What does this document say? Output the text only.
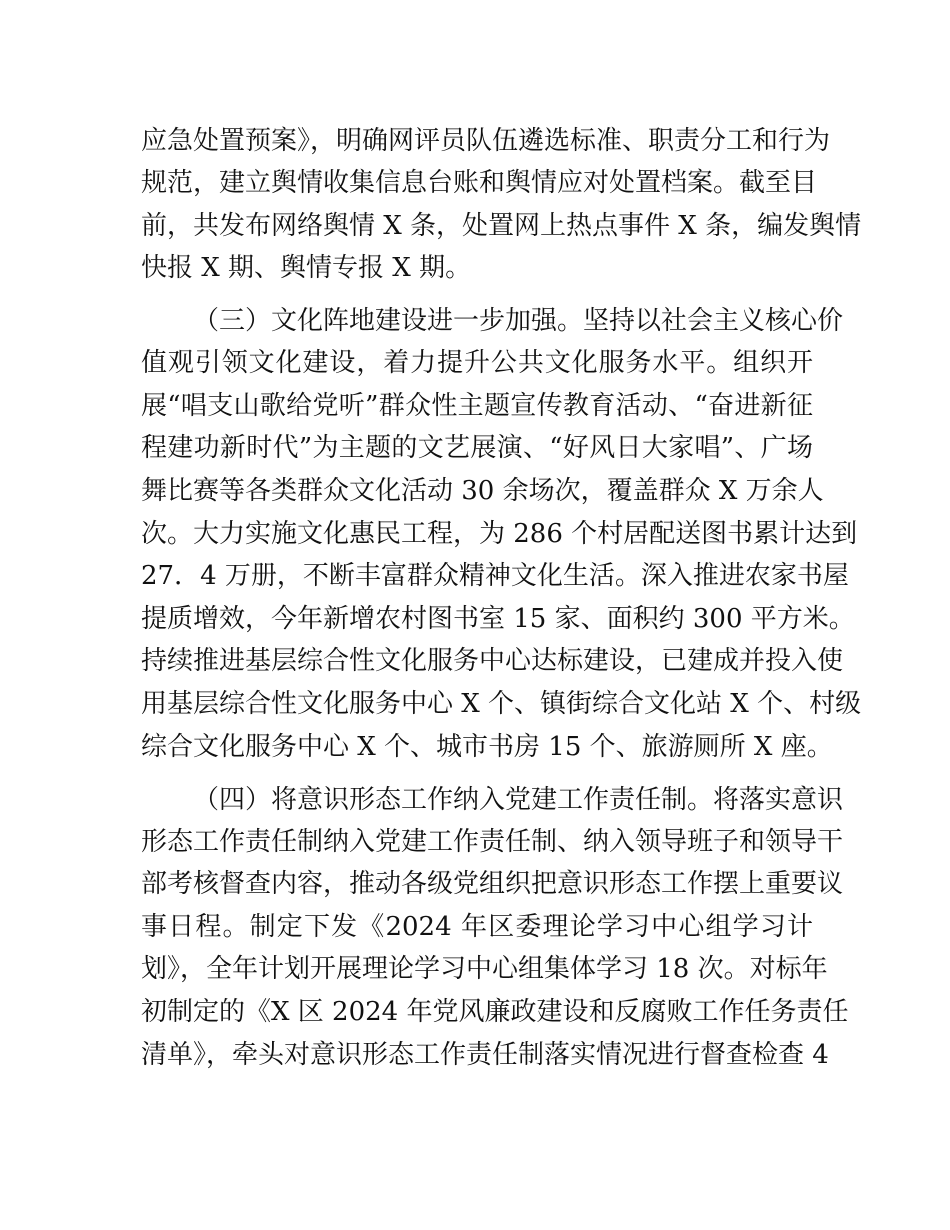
应急处置预案》，明确网评员队伍遴选标准、职责分工和行为
规范，建立舆情收集信息台账和舆情应对处置档案。截至目
前，共发布网络舆情 X 条，处置网上热点事件 X 条，编发舆情
快报 X 期、舆情专报 X 期。
（三）文化阵地建设进一步加强。坚持以社会主义核心价
值观引领文化建设，着力提升公共文化服务水平。组织开
展“唱支山歌给党听”群众性主题宣传教育活动、“奋进新征
程建功新时代”为主题的文艺展演、“好风日大家唱”、广场
舞比赛等各类群众文化活动 30 余场次，覆盖群众 X 万余人
次。大力实施文化惠民工程，为 286 个村居配送图书累计达到
27．4 万册，不断丰富群众精神文化生活。深入推进农家书屋
提质增效，今年新增农村图书室 15 家、面积约 300 平方米。
持续推进基层综合性文化服务中心达标建设，已建成并投入使
用基层综合性文化服务中心 X 个、镇街综合文化站 X 个、村级
综合文化服务中心 X 个、城市书房 15 个、旅游厕所 X 座。
（四）将意识形态工作纳入党建工作责任制。将落实意识
形态工作责任制纳入党建工作责任制、纳入领导班子和领导干
部考核督查内容，推动各级党组织把意识形态工作摆上重要议
事日程。制定下发《2024 年区委理论学习中心组学习计
划》，全年计划开展理论学习中心组集体学习 18 次。对标年
初制定的《X 区 2024 年党风廉政建设和反腐败工作任务责任
清单》，牵头对意识形态工作责任制落实情况进行督查检查 4
